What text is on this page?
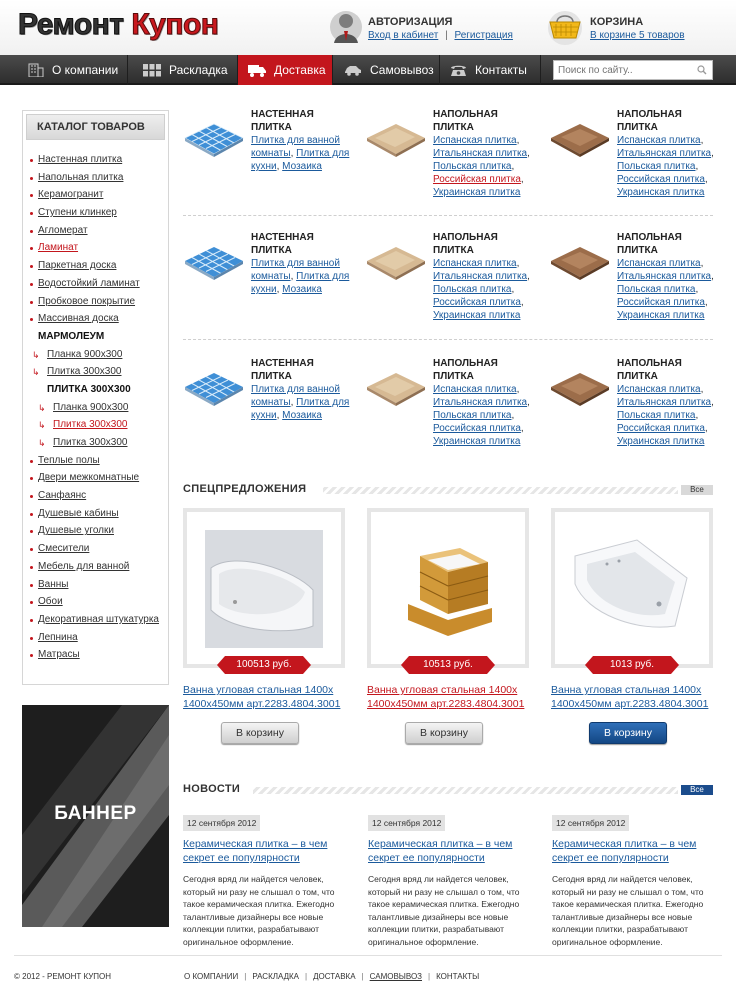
Ремонт Купон	АВТОРИЗАЦИЯ
Вход в кабинет | Регистрация
КОРЗИНА
В корзине 5 товаров
О компании	Раскладка	Доставка	Самовывоз	Контакты
Поиск по сайту..
КАТАЛОГ ТОВАРОВ
Настенная плитка
Напольная плитка
Керамогранит
Ступени клинкер
Агломерат
Ламинат
Паркетная доска
Водостойкий ламинат
Пробковое покрытие
Массивная доска
МАРМОЛЕУМ
↳ Планка 900x300
↳ Плитка 300x300
ПЛИТКА 300X300
↳ Планка 900x300
↳ Плитка 300x300
↳ Плитка 300x300
Теплые полы
Двери межкомнатные
Санфаянс
Душевые кабины
Душевые уголки
Смесители
Мебель для ванной
Ванны
Обои
Декоративная штукатурка
Лепнина
Матрасы
БАННЕР
НАСТЕННАЯ
ПЛИТКА
Плитка для ванной комнаты, Плитка для кухни, Мозаика
НАПОЛЬНАЯ
ПЛИТКА
Испанская плитка,
Итальянская плитка,
Польская плитка,
Российская плитка,
Украинская плитка
НАПОЛЬНАЯ
ПЛИТКА
Испанская плитка,
Итальянская плитка,
Польская плитка,
Российская плитка,
Украинская плитка
НАСТЕННАЯ
ПЛИТКА
Плитка для ванной комнаты, Плитка для кухни, Мозаика
НАПОЛЬНАЯ
ПЛИТКА
Испанская плитка,
Итальянская плитка,
Польская плитка,
Российская плитка,
Украинская плитка
НАПОЛЬНАЯ
ПЛИТКА
Испанская плитка,
Итальянская плитка,
Польская плитка,
Российская плитка,
Украинская плитка
НАСТЕННАЯ
ПЛИТКА
Плитка для ванной комнаты, Плитка для кухни, Мозаика
НАПОЛЬНАЯ
ПЛИТКА
Испанская плитка,
Итальянская плитка,
Польская плитка,
Российская плитка,
Украинская плитка
НАПОЛЬНАЯ
ПЛИТКА
Испанская плитка,
Итальянская плитка,
Польская плитка,
Российская плитка,
Украинская плитка
СПЕЦПРЕДЛОЖЕНИЯ	Все
100513 руб.
Ванна угловая стальная 1400х 1400х450мм арт.2283.4804.3001
В корзину
10513 руб.
Ванна угловая стальная 1400х 1400х450мм арт.2283.4804.3001
В корзину
1013 руб.
Ванна угловая стальная 1400х 1400х450мм арт.2283.4804.3001
В корзину
НОВОСТИ	Все
12 сентября 2012
Керамическая плитка – в чем секрет ее популярности
Сегодня вряд ли найдется человек, который ни разу не слышал о том, что такое керамическая плитка. Ежегодно талантливые дизайнеры все новые коллекции плитки, разрабатывают оригинальное оформление.
12 сентября 2012
Керамическая плитка – в чем секрет ее популярности
Сегодня вряд ли найдется человек, который ни разу не слышал о том, что такое керамическая плитка. Ежегодно талантливые дизайнеры все новые коллекции плитки, разрабатывают оригинальное оформление.
12 сентября 2012
Керамическая плитка – в чем секрет ее популярности
Сегодня вряд ли найдется человек, который ни разу не слышал о том, что такое керамическая плитка. Ежегодно талантливые дизайнеры все новые коллекции плитки, разрабатывают оригинальное оформление.
© 2012 - РЕМОНТ КУПОН	О КОМПАНИИ | РАСКЛАДКА | ДОСТАВКА | САМОВЫВОЗ | КОНТАКТЫ
